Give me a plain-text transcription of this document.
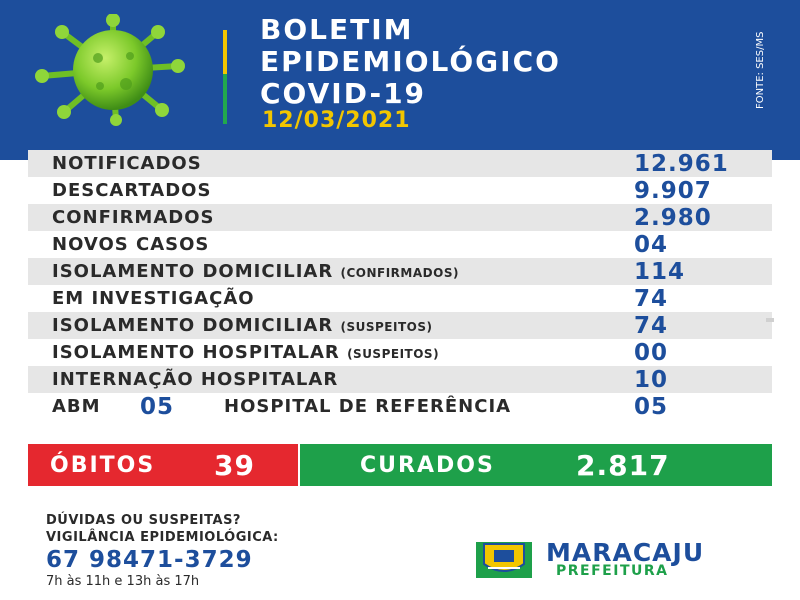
BOLETIM
EPIDEMIOLÓGICO
COVID-19
12/03/2021
FONTE: SES/MS
NOTIFICADOS	12.961
DESCARTADOS	9.907
CONFIRMADOS	2.980
NOVOS CASOS	04
ISOLAMENTO DOMICILIAR (CONFIRMADOS)	114
EM INVESTIGAÇÃO	74
ISOLAMENTO DOMICILIAR (SUSPEITOS)	74
ISOLAMENTO HOSPITALAR (SUSPEITOS)	00
INTERNAÇÃO HOSPITALAR	10
ABM 05	HOSPITAL DE REFERÊNCIA	05
ÓBITOS 39	CURADOS	2.817
DÚVIDAS OU SUSPEITAS?
VIGILÂNCIA EPIDEMIOLÓGICA:
67 98471-3729
7h às 11h e 13h às 17h
MARACAJU
PREFEITURA
